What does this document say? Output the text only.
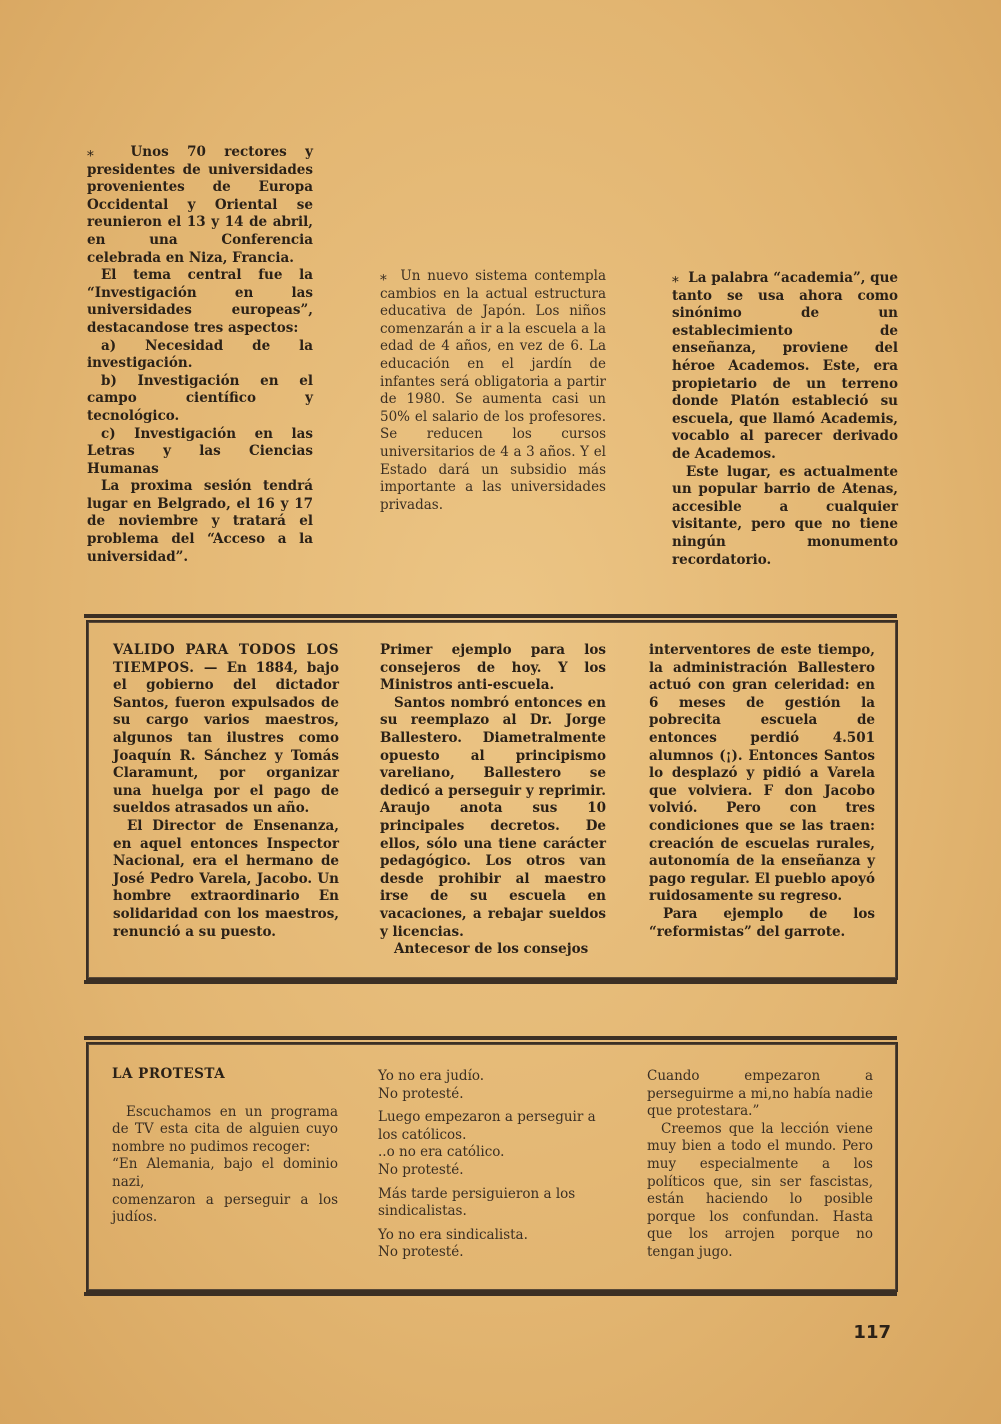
⁎	Unos 70 rectores y presidentes de universidades provenientes de Europa Occidental y Oriental se reunieron el 13 y 14 de abril, en una Conferencia celebrada en Niza, Francia.

El tema central fue la “Investigación en las universidades europeas”, destacandose tres aspectos:

a) Necesidad de la investigación.

b) Investigación en el campo científico y tecnológico.

c) Investigación en las Letras y las Ciencias Humanas

La proxima sesión tendrá lugar en Belgrado, el 16 y 17 de noviembre y tratará el problema del “Acceso a la universidad”.

⁎ Un nuevo sistema contempla cambios en la actual estructura educativa de Japón. Los niños comenzarán a ir a la escuela a la edad de 4 años, en vez de 6. La educación en el jardín de infantes será obligatoria a partir de 1980. Se aumenta casi un 50% el salario de los profesores. Se reducen los cursos universitarios de 4 a 3 años. Y el Estado dará un subsidio más importante a las universidades privadas.

⁎ La palabra “academia”, que tanto se usa ahora como sinónimo de un establecimiento de enseñanza, proviene del héroe Academos. Este, era propietario de un terreno donde Platón estableció su escuela, que llamó Academis, vocablo al parecer derivado de Academos.

Este lugar, es actualmente un popular barrio de Atenas, accesible a cualquier visitante, pero que no tiene ningún monumento recordatorio.

VALIDO PARA TODOS LOS TIEMPOS. — En 1884, bajo el gobierno del dictador Santos, fueron expulsados de su cargo varios maestros, algunos tan ilustres como Joaquín R. Sánchez y Tomás Claramunt, por organizar una huelga por el pago de sueldos atrasados un año.

El Director de Ensenanza, en aquel entonces Inspector Nacional, era el hermano de José Pedro Varela, Jacobo. Un hombre extraordinario En solidaridad con los maestros, renunció a su puesto.

Primer ejemplo para los consejeros de hoy. Y los Ministros anti-escuela.

Santos nombró entonces en su reemplazo al Dr. Jorge Ballestero. Diametralmente opuesto al principismo vareliano, Ballestero se dedicó a perseguir y reprimir. Araujo anota sus 10 principales decretos. De ellos, sólo una tiene carácter pedagógico. Los otros van desde prohibir al maestro irse de su escuela en vacaciones, a rebajar sueldos y licencias.

Antecesor de los consejos

interventores de este tiempo, la administración Ballestero actuó con gran celeridad: en 6 meses de gestión la pobrecita escuela de entonces perdió 4.501 alumnos (¡). Entonces Santos lo desplazó y pidió a Varela que volviera. F don Jacobo volvió. Pero con tres condiciones que se las traen: creación de escuelas rurales, autonomía de la enseñanza y pago regular. El pueblo apoyó ruidosamente su regreso.

Para ejemplo de los “reformistas” del garrote.

LA PROTESTA

Escuchamos en un programa de TV esta cita de alguien cuyo nombre no pudimos recoger:

“En Alemania, bajo el dominio nazi,

comenzaron a perseguir a los judíos.

Yo no era judío.
No protesté.
Luego empezaron a perseguir a los católicos.
..o no era católico.
No protesté.
Más tarde persiguieron a los sindicalistas.
Yo no era sindicalista.
No protesté.

Cuando empezaron a perseguirme a mi,no había nadie que protestara.”

Creemos que la lección viene muy bien a todo el mundo. Pero muy especialmente a los políticos que, sin ser fascistas, están haciendo lo posible porque los confundan. Hasta que los arrojen porque no tengan jugo.

117
